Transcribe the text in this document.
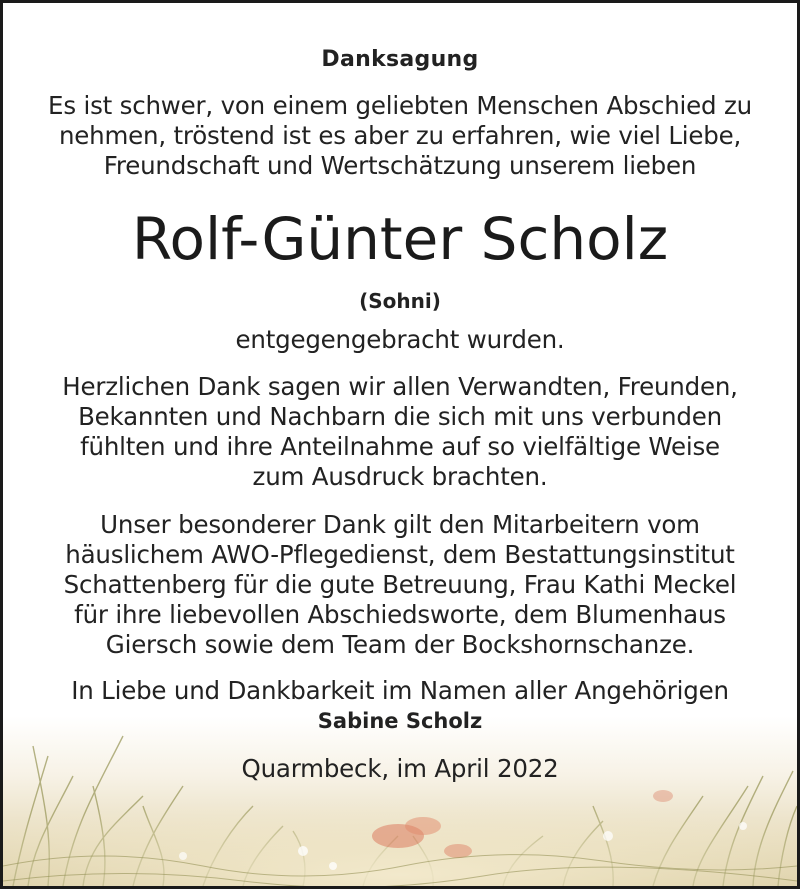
Danksagung
Es ist schwer, von einem geliebten Menschen Abschied zu
nehmen, tröstend ist es aber zu erfahren, wie viel Liebe,
Freundschaft und Wertschätzung unserem lieben
Rolf-Günter Scholz
(Sohni)
entgegengebracht wurden.
Herzlichen Dank sagen wir allen Verwandten, Freunden,
Bekannten und Nachbarn die sich mit uns verbunden
fühlten und ihre Anteilnahme auf so vielfältige Weise
zum Ausdruck brachten.
Unser besonderer Dank gilt den Mitarbeitern vom
häuslichem AWO-Pflegedienst, dem Bestattungsinstitut
Schattenberg für die gute Betreuung, Frau Kathi Meckel
für ihre liebevollen Abschiedsworte, dem Blumenhaus
Giersch sowie dem Team der Bockshornschanze.
In Liebe und Dankbarkeit im Namen aller Angehörigen
Sabine Scholz
Quarmbeck, im April 2022
